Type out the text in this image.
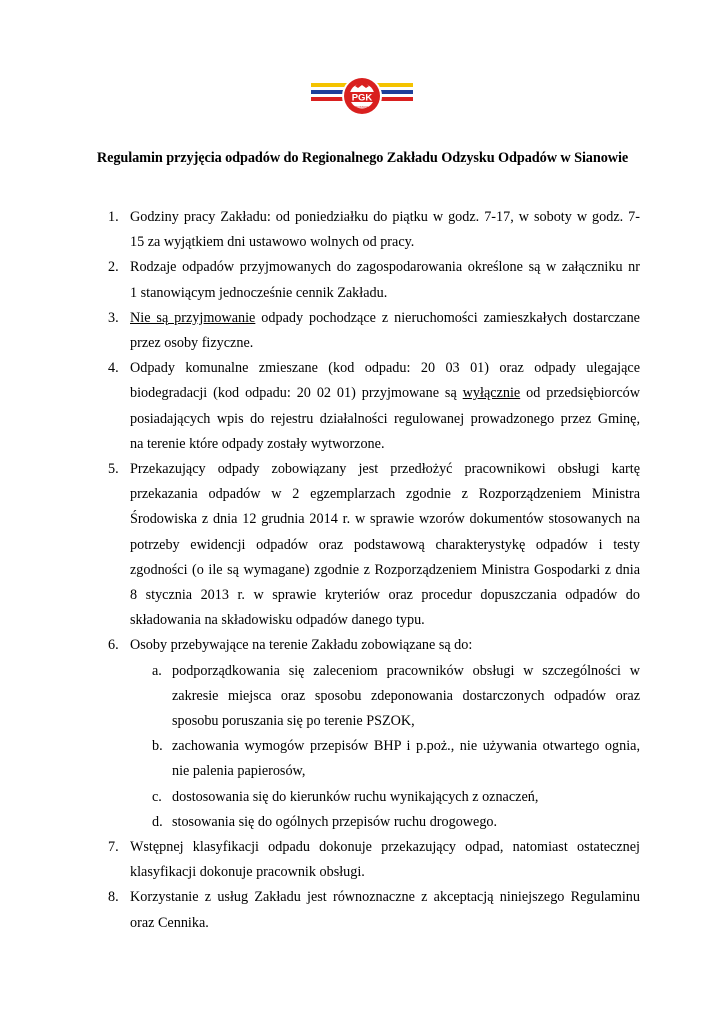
PGK
POSTAVA
Regulamin przyjęcia odpadów do Regionalnego Zakładu Odzysku Odpadów w Sianowie
1. Godziny pracy Zakładu: od poniedziałku do piątku w godz. 7-17, w soboty w godz. 7-
15 za wyjątkiem dni ustawowo wolnych od pracy.
2. Rodzaje odpadów przyjmowanych do zagospodarowania określone są w załączniku nr
1 stanowiącym jednocześnie cennik Zakładu.
3. Nie są przyjmowanie odpady pochodzące z nieruchomości zamieszkałych dostarczane
przez osoby fizyczne.
4. Odpady komunalne zmieszane (kod odpadu: 20 03 01) oraz odpady ulegające
biodegradacji (kod odpadu: 20 02 01) przyjmowane są wyłącznie od przedsiębiorców
posiadających wpis do rejestru działalności regulowanej prowadzonego przez Gminę,
na terenie które odpady zostały wytworzone.
5. Przekazujący odpady zobowiązany jest przedłożyć pracownikowi obsługi kartę
przekazania odpadów w 2 egzemplarzach zgodnie z Rozporządzeniem Ministra
Środowiska z dnia 12 grudnia 2014 r. w sprawie wzorów dokumentów stosowanych na
potrzeby ewidencji odpadów oraz podstawową charakterystykę odpadów i testy
zgodności (o ile są wymagane) zgodnie z Rozporządzeniem Ministra Gospodarki z dnia
8 stycznia 2013 r. w sprawie kryteriów oraz procedur dopuszczania odpadów do
składowania na składowisku odpadów danego typu.
6. Osoby przebywające na terenie Zakładu zobowiązane są do:
a. podporządkowania się zaleceniom pracowników obsługi w szczególności w
zakresie miejsca oraz sposobu zdeponowania dostarczonych odpadów oraz
sposobu poruszania się po terenie PSZOK,
b. zachowania wymogów przepisów BHP i p.poż., nie używania otwartego ognia,
nie palenia papierosów,
c. dostosowania się do kierunków ruchu wynikających z oznaczeń,
d. stosowania się do ogólnych przepisów ruchu drogowego.
7. Wstępnej klasyfikacji odpadu dokonuje przekazujący odpad, natomiast ostatecznej
klasyfikacji dokonuje pracownik obsługi.
8. Korzystanie z usług Zakładu jest równoznaczne z akceptacją niniejszego Regulaminu
oraz Cennika.
